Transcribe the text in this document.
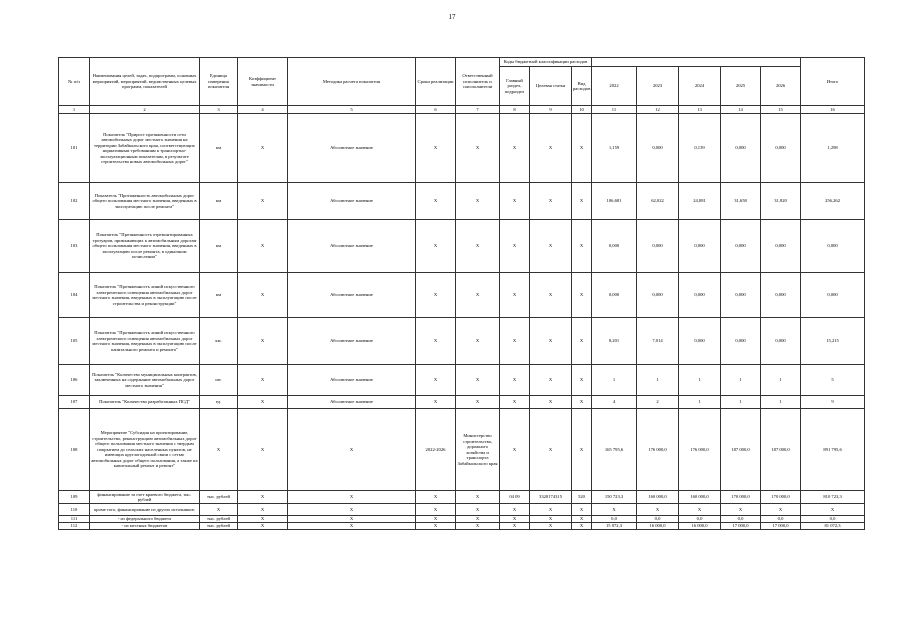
17
№ п/п	Наименования целей, задач, подпрограмм, основных мероприятий, мероприятий, ведомственных целевых программ, показателей	Единица измерения показателя	Коэффициент значимости	Методика расчета показателя	Сроки реализации	Ответственный исполнитель и соисполнители	Коды бюджетной классификации расходов								Итого
							Главный раздел, подраздел	Целевая статья	Вид расходов	2022	2023	2024	2025	2026	
1	2	3	4	5	6	7	8	9	10	11	12	13	14	15	16
101	Показатель "Прирост протяженности сети автомобильных дорог местного значения на территории Забайкальского края, соответствующих нормативным требованиям к транспортно-эксплуатационным показателям, в результате строительства новых автомобильных дорог"	км	Х	Абсолютное значение	Х	Х	Х	Х	Х	1,159	0,000	0,139	0,000	0,000	1,298
102	Показатель "Протяженность автомобильных дорог общего пользования местного значения, введенных в эксплуатацию после ремонта"	км	Х	Абсолютное значение	Х	Х	Х	Х	Х	106,681	62,022	24,081	31,658	31,820	256,262
103	Показатель "Протяженность отремонтированных тротуаров, примыкающих к автомобильным дорогам общего пользования местного значения, введенных в эксплуатацию после ремонта, в одиночном исчислении"	км	Х	Абсолютное значение	Х	Х	Х	Х	Х	0,000	0,000	0,000	0,000	0,000	0,000
104	Показатель "Протяженность линий искусственного электрического освещения автомобильных дорог местного значения, введенных в эксплуатацию после строительства и реконструкции"	км	Х	Абсолютное значение	Х	Х	Х	Х	Х	0,000	0,000	0,000	0,000	0,000	0,000
105	Показатель "Протяженность линий искусственного электрического освещения автомобильных дорог местного значения, введенных в эксплуатацию после капитального ремонта и ремонта"	км.	Х	Абсолютное значение	Х	Х	Х	Х	Х	8,201	7,014	0,000	0,000	0,000	15,215
106	Показатель "Количество муниципальных контрактов, заключенных на содержание автомобильных дорог местного значения"	шт.	Х	Абсолютное значение	Х	Х	Х	Х	Х	1	1	1	1	1	5
107	Показатель "Количество разработанных ПСД"	ед.	Х	Абсолютное значение	Х	Х	Х	Х	Х	4	2	1	1	1	9
108	Мероприятие "Субсидия на проектирование, строительство, реконструкцию автомобильных дорог общего пользования местного значения с твердым покрытием до сельских населенных пунктов, не имеющих круглогодичной связи с сетью автомобильных дорог общего пользования, а также их капитальный ремонт и ремонт"	Х	Х	Х	2022-2026	Министерство строительства, дорожного хозяйства и транспорта Забайкальского края	Х	Х	Х	165 795,6	176 000,0	176 000,0	187 000,0	187 000,0	891 795,6
109	финансирование за счет краевого бюджета, тыс. рублей	тыс. рублей	Х	Х	Х	Х	04 09	3320174315	520	150 723,3	160 000,0	160 000,0	170 000,0	170 000,0	810 723,3
110	кроме того, финансирование из других источников:	Х	Х	Х	Х	Х	Х	Х	Х	Х	Х	Х	Х	Х	Х
111	- из федерального бюджета	тыс. рублей	Х	Х	Х	Х	Х	Х	Х	0,0	0,0	0,0	0,0	0,0	0,0
112	- из местных бюджетов	тыс. рублей	Х	Х	Х	Х	Х	Х	Х	15 072,3	16 000,0	16 000,0	17 000,0	17 000,0	81 072,3
